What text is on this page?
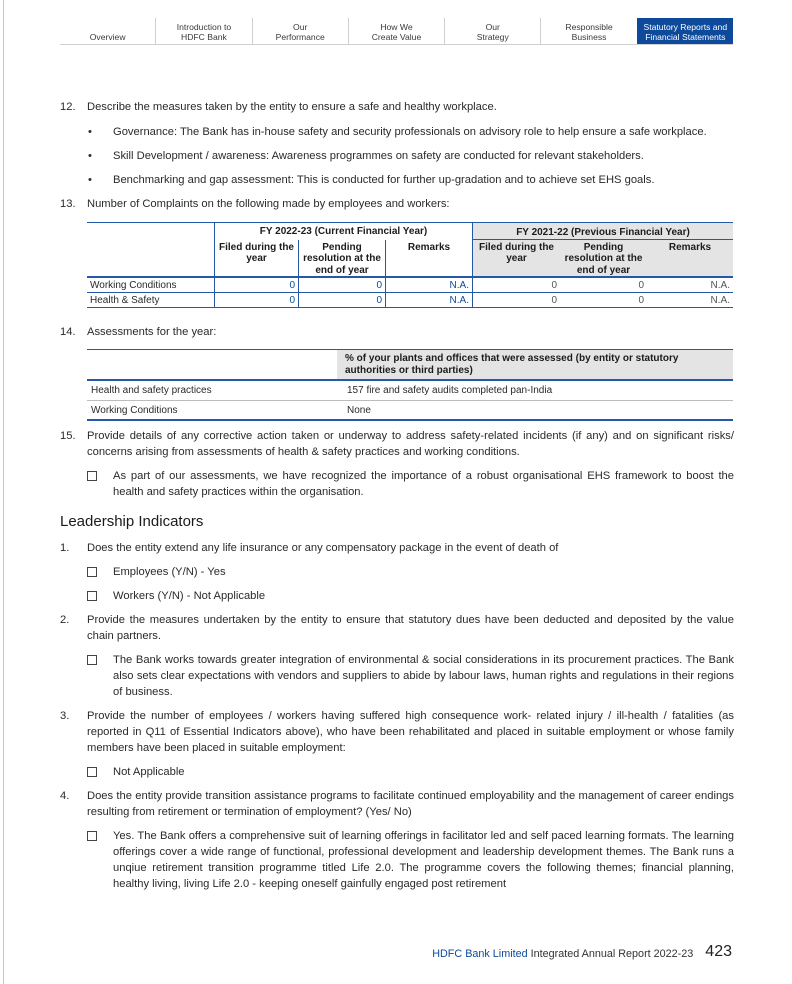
Overview
Introduction to
HDFC Bank
Our
Performance
How We
Create Value
Our
Strategy
Responsible
Business
Statutory Reports and
Financial Statements
12. Describe the measures taken by the entity to ensure a safe and healthy workplace.
• Governance: The Bank has in-house safety and security professionals on advisory role to help ensure a safe workplace.
• Skill Development / awareness: Awareness programmes on safety are conducted for relevant stakeholders.
• Benchmarking and gap assessment: This is conducted for further up-gradation and to achieve set EHS goals.
13. Number of Complaints on the following made by employees and workers:
	FY 2022-23 (Current Financial Year)			FY 2021-22 (Previous Financial Year)		
	Filed during the year	Pending resolution at the end of year	Remarks	Filed during the year	Pending resolution at the end of year	Remarks
Working Conditions	0	0	N.A.	0	0	N.A.
Health & Safety	0	0	N.A.	0	0	N.A.
14. Assessments for the year:
	% of your plants and offices that were assessed (by entity or statutory authorities or third parties)
Health and safety practices	157 fire and safety audits completed pan-India
Working Conditions	None
15. Provide details of any corrective action taken or underway to address safety-related incidents (if any) and on significant risks/ concerns arising from assessments of health & safety practices and working conditions.
As part of our assessments, we have recognized the importance of a robust organisational EHS framework to boost the health and safety practices within the organisation.
Leadership Indicators
1. Does the entity extend any life insurance or any compensatory package in the event of death of
Employees (Y/N) - Yes
Workers (Y/N) - Not Applicable
2. Provide the measures undertaken by the entity to ensure that statutory dues have been deducted and deposited by the value chain partners.
The Bank works towards greater integration of environmental & social considerations in its procurement practices. The Bank also sets clear expectations with vendors and suppliers to abide by labour laws, human rights and regulations in their regions of business.
3. Provide the number of employees / workers having suffered high consequence work- related injury / ill-health / fatalities (as reported in Q11 of Essential Indicators above), who have been rehabilitated and placed in suitable employment or whose family members have been placed in suitable employment:
Not Applicable
4. Does the entity provide transition assistance programs to facilitate continued employability and the management of career endings resulting from retirement or termination of employment? (Yes/ No)
Yes. The Bank offers a comprehensive suit of learning offerings in facilitator led and self paced learning formats. The learning offerings cover a wide range of functional, professional development and leadership development themes. The Bank runs a unqiue retirement transition programme titled Life 2.0. The programme covers the following themes; financial planning, healthy living, living Life 2.0 - keeping oneself gainfully engaged post retirement
HDFC Bank Limited Integrated Annual Report 2022-23 423
